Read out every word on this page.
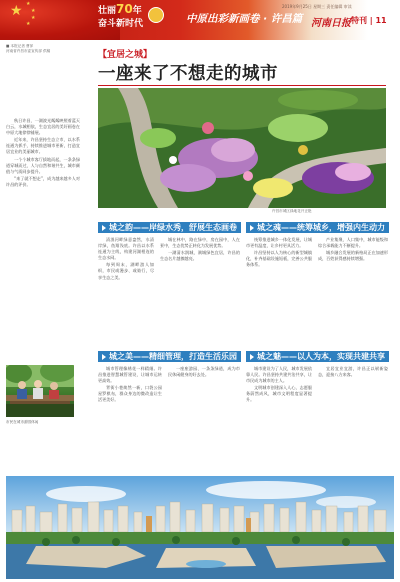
★ ★
★
★
★
壮丽70年
奋斗新时代	中原出彩新画卷 · 许昌篇
2019年9月25日 星期三 责任编辑 审读
河南日报 特刊 | 11
■ 本报记者 曹萍
河南省许昌市委宣传部 供稿

秋日许昌，一湖波光粼粼映照着蓝天白云，水城相依，生态宜居的美好画卷在中原大地徐徐铺展。

近年来，许昌坚持生态立市，以水系连通为抓手，持续推进城市更新，打造宜居宜业的美丽城市。

一个个城市客厅拔地而起，一条条绿道穿城而过，人与自然和谐共生，城市颜值与气质同步提升。

“来了就不想走”，成为越来越多人对许昌的评价。

市民在城市游园休闲
【宜居之城】
一座来了不想走的城市
许昌市城区绿地花开正艳
城之韵——岸绿水秀，舒展生态画卷

清潩河畔绿意盎然，水清岸绿，鱼翔浅底。许昌以水系连通为主线，构建河湖相连的生态水网。

每到周末，湖畔游人如织，市民或漫步、或骑行，尽享生态之美。

城在林中，路在绿中，房在园中，人在景中，生态优势正转化为发展优势。

一湖清水润城，满城绿色宜居，许昌的生态名片越擦越亮。

城之魂——统筹城乡，增强内生动力

统筹推进城乡一体化发展，让城市更有温度，让乡村更具活力。

许昌坚持以人为核心的新型城镇化，补齐基础设施短板，完善公共服务体系。

产业集聚，人口集中，城市能级和综合承载能力不断提升。

城乡融合发展的新格局正在加速形成，百姓获得感持续增强。

城之美——精细管理，打造生活乐园

城市管理像绣花一样精细。许昌推进智慧城管建设，让城市运转更高效。

背街小巷焕然一新，口袋公园星罗棋布，群众身边的微改造让生活更美好。

一座座游园、一条条绿道，成为市民休闲健身的好去处。

城之魅——以人为本，实现共建共享

城市建设为了人民，城市发展依靠人民。许昌坚持共建共治共享，让市民成为城市的主人。

文明城市创建深入人心，志愿服务蔚然成风，城市文明程度显著提升。

宜居宜业宜游，许昌正以崭新姿态，迎接八方来客。
